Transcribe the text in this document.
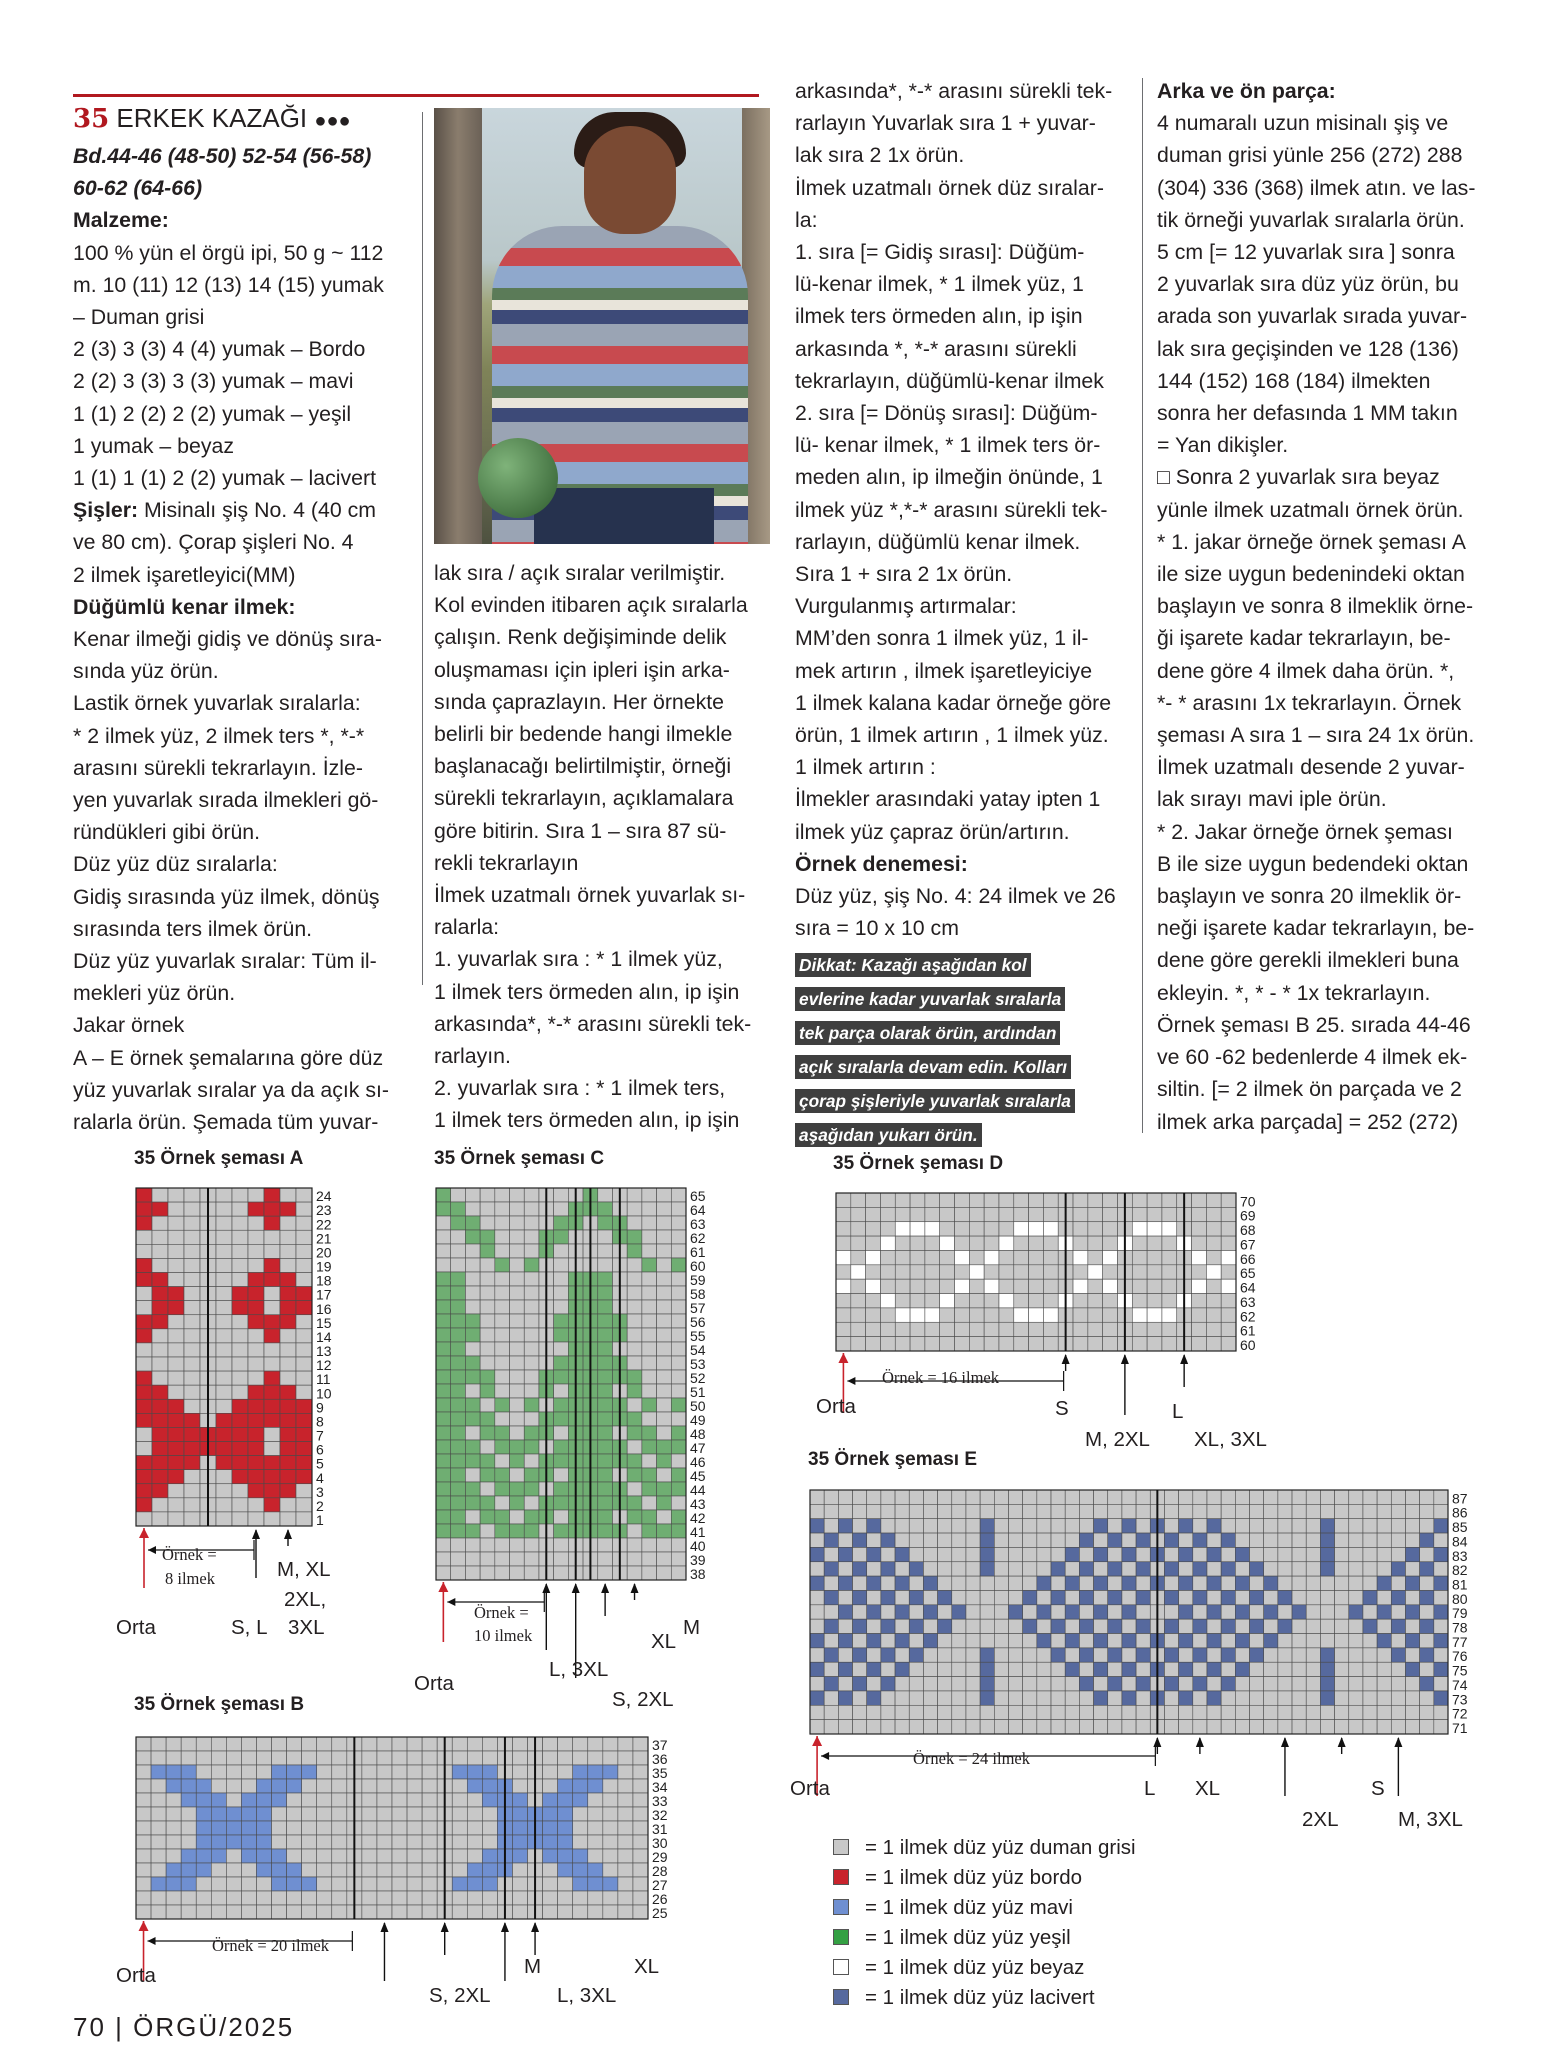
35 ERKEK KAZAĞI ●●●
Bd.44-46 (48-50) 52-54 (56-58)
60-62 (64-66)
Malzeme:
100 % yün el örgü ipi, 50 g ~ 112
m. 10 (11) 12 (13) 14 (15) yumak
– Duman grisi
2 (3) 3 (3) 4 (4) yumak – Bordo
2 (2) 3 (3) 3 (3) yumak – mavi
1 (1) 2 (2) 2 (2) yumak – yeşil
1 yumak – beyaz
1 (1) 1 (1) 2 (2) yumak – lacivert
Şişler: Misinalı şiş No. 4 (40 cm
ve 80 cm). Çorap şişleri No. 4
2 ilmek işaretleyici(MM)
Düğümlü kenar ilmek:
Kenar ilmeği gidiş ve dönüş sıra-
sında yüz örün.
Lastik örnek yuvarlak sıralarla:
* 2 ilmek yüz, 2 ilmek ters *, *-*
arasını sürekli tekrarlayın. İzle-
yen yuvarlak sırada ilmekleri gö-
ründükleri gibi örün.
Düz yüz düz sıralarla:
Gidiş sırasında yüz ilmek, dönüş
sırasında ters ilmek örün.
Düz yüz yuvarlak sıralar: Tüm il-
mekleri yüz örün.
Jakar örnek
A – E örnek şemalarına göre düz
yüz yuvarlak sıralar ya da açık sı-
ralarla örün. Şemada tüm yuvar-
lak sıra / açık sıralar verilmiştir.
Kol evinden itibaren açık sıralarla
çalışın. Renk değişiminde delik
oluşmaması için ipleri işin arka-
sında çaprazlayın. Her örnekte
belirli bir bedende hangi ilmekle
başlanacağı belirtilmiştir, örneği
sürekli tekrarlayın, açıklamalara
göre bitirin. Sıra 1 – sıra 87 sü-
rekli tekrarlayın
İlmek uzatmalı örnek yuvarlak sı-
ralarla:
1. yuvarlak sıra : * 1 ilmek yüz,
1 ilmek ters örmeden alın, ip işin
arkasında*, *-* arasını sürekli tek-
rarlayın.
2. yuvarlak sıra : * 1 ilmek ters,
1 ilmek ters örmeden alın, ip işin
arkasında*, *-* arasını sürekli tek-
rarlayın Yuvarlak sıra 1 + yuvar-
lak sıra 2 1x örün.
İlmek uzatmalı örnek düz sıralar-
la:
1. sıra [= Gidiş sırası]: Düğüm-
lü-kenar ilmek, * 1 ilmek yüz, 1
ilmek ters örmeden alın, ip işin
arkasında *, *-* arasını sürekli
tekrarlayın, düğümlü-kenar ilmek
2. sıra [= Dönüş sırası]: Düğüm-
lü- kenar ilmek, * 1 ilmek ters ör-
meden alın, ip ilmeğin önünde, 1
ilmek yüz *,*-* arasını sürekli tek-
rarlayın, düğümlü kenar ilmek.
Sıra 1 + sıra 2 1x örün.
Vurgulanmış artırmalar:
MM’den sonra 1 ilmek yüz, 1 il-
mek artırın , ilmek işaretleyiciye
1 ilmek kalana kadar örneğe göre
örün, 1 ilmek artırın , 1 ilmek yüz.
1 ilmek artırın :
İlmekler arasındaki yatay ipten 1
ilmek yüz çapraz örün/artırın.
Örnek denemesi:
Düz yüz, şiş No. 4: 24 ilmek ve 26
sıra = 10 x 10 cm
Dikkat: Kazağı aşağıdan kol
evlerine kadar yuvarlak sıralarla
tek parça olarak örün, ardından
açık sıralarla devam edin. Kolları
çorap şişleriyle yuvarlak sıralarla
aşağıdan yukarı örün.

Arka ve ön parça:
4 numaralı uzun misinalı şiş ve
duman grisi yünle 256 (272) 288
(304) 336 (368) ilmek atın. ve las-
tik örneği yuvarlak sıralarla örün.
5 cm [= 12 yuvarlak sıra ] sonra
2 yuvarlak sıra düz yüz örün, bu
arada son yuvarlak sırada yuvar-
lak sıra geçişinden ve 128 (136)
144 (152) 168 (184) ilmekten
sonra her defasında 1 MM takın
= Yan dikişler.
□ Sonra 2 yuvarlak sıra beyaz
yünle ilmek uzatmalı örnek örün.
* 1. jakar örneğe örnek şeması A
ile size uygun bedenindeki oktan
başlayın ve sonra 8 ilmeklik örne-
ği işarete kadar tekrarlayın, be-
dene göre 4 ilmek daha örün. *,
*- * arasını 1x tekrarlayın. Örnek
şeması A sıra 1 – sıra 24 1x örün.
İlmek uzatmalı desende 2 yuvar-
lak sırayı mavi iple örün.
* 2. Jakar örneğe örnek şeması
B ile size uygun bedendeki oktan
başlayın ve sonra 20 ilmeklik ör-
neği işarete kadar tekrarlayın, be-
dene göre gerekli ilmekleri buna
ekleyin. *, * - * 1x tekrarlayın.
Örnek şeması B 25. sırada 44-46
ve 60 -62 bedenlerde 4 ilmek ek-
siltin. [= 2 ilmek ön parçada ve 2
ilmek arka parçada] = 252 (272)
24
23
22
21
20
19
18
17
16
15
14
13
12
11
10
9
8
7
6
5
4
3
2
1
37
36
35
34
33
32
31
30
29
28
27
26
25
65
64
63
62
61
60
59
58
57
56
55
54
53
52
51
50
49
48
47
46
45
44
43
42
41
40
39
38
70
69
68
67
66
65
64
63
62
61
60
87
86
85
84
83
82
81
80
79
78
77
76
75
74
73
72
71
35 Örnek şeması A
35 Örnek şeması B
35 Örnek şeması C	35 Örnek şeması D
35 Örnek şeması E
Örnek =
8 ilmek
Orta	S, L
M, XL
2XL,
3XL
Örnek =
10 ilmek
Orta
L, 3XL
S, 2XL
XL
M
Örnek = 20 ilmek
Orta
S, 2XL
M
L, 3XL
XL
Örnek = 16 ilmek
Orta	S
M, 2XL
L
XL, 3XL
Örnek = 24 ilmek
Orta	L XL
2XL
S
M, 3XL
= 1 ilmek düz yüz duman grisi
= 1 ilmek düz yüz bordo
= 1 ilmek düz yüz mavi
= 1 ilmek düz yüz yeşil
= 1 ilmek düz yüz beyaz
= 1 ilmek düz yüz lacivert
70 | ÖRGÜ/2025
